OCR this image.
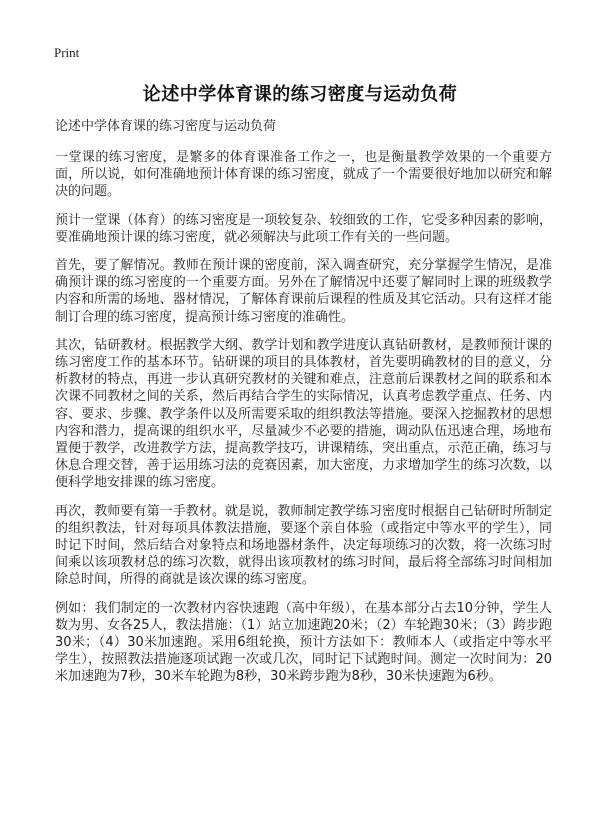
Print
论述中学体育课的练习密度与运动负荷

论述中学体育课的练习密度与运动负荷

一堂课的练习密度，是繁多的体育课准备工作之一，也是衡量教学效果的一个重要方面，所以说，如何准确地预计体育课的练习密度，就成了一个需要很好地加以研究和解决的问题。

预计一堂课（体育）的练习密度是一项较复杂、较细致的工作，它受多种因素的影响，要准确地预计课的练习密度，就必须解决与此项工作有关的一些问题。

首先，要了解情况。教师在预计课的密度前，深入调查研究，充分掌握学生情况，是准确预计课的练习密度的一个重要方面。另外在了解情况中还要了解同时上课的班级教学内容和所需的场地、器材情况，了解体育课前后课程的性质及其它活动。只有这样才能制订合理的练习密度，提高预计练习密度的准确性。

其次，钻研教材。根据教学大纲、教学计划和教学进度认真钻研教材，是教师预计课的练习密度工作的基本环节。钻研课的项目的具体教材，首先要明确教材的目的意义，分析教材的特点，再进一步认真研究教材的关键和难点，注意前后课教材之间的联系和本次课不同教材之间的关系，然后再结合学生的实际情况，认真考虑教学重点、任务、内容、要求、步骤、教学条件以及所需要采取的组织教法等措施。要深入挖掘教材的思想内容和潜力，提高课的组织水平，尽量减少不必要的措施，调动队伍迅速合理，场地布置便于教学，改进教学方法，提高教学技巧，讲课精练，突出重点，示范正确，练习与休息合理交替，善于运用练习法的竞赛因素，加大密度，力求增加学生的练习次数，以便科学地安排课的练习密度。

再次，教师要有第一手教材。就是说，教师制定教学练习密度时根据自己钻研时所制定的组织教法，针对每项具体教法措施，要逐个亲自体验（或指定中等水平的学生），同时记下时间，然后结合对象特点和场地器材条件，决定每项练习的次数，将一次练习时间乘以该项教材总的练习次数，就得出该项教材的练习时间，最后将全部练习时间相加除总时间，所得的商就是该次课的练习密度。

例如：我们制定的一次教材内容快速跑（高中年级），在基本部分占去10分钟，学生人数为男、女各25人，教法措施：（1）站立加速跑20米；（2）车轮跑30米；（3）跨步跑30米；（4）30米加速跑。采用6组轮换，预计方法如下：教师本人（或指定中等水平学生），按照教法措施逐项试跑一次或几次，同时记下试跑时间。测定一次时间为：20米加速跑为7秒，30米车轮跑为8秒，30米跨步跑为8秒，30米快速跑为6秒。
